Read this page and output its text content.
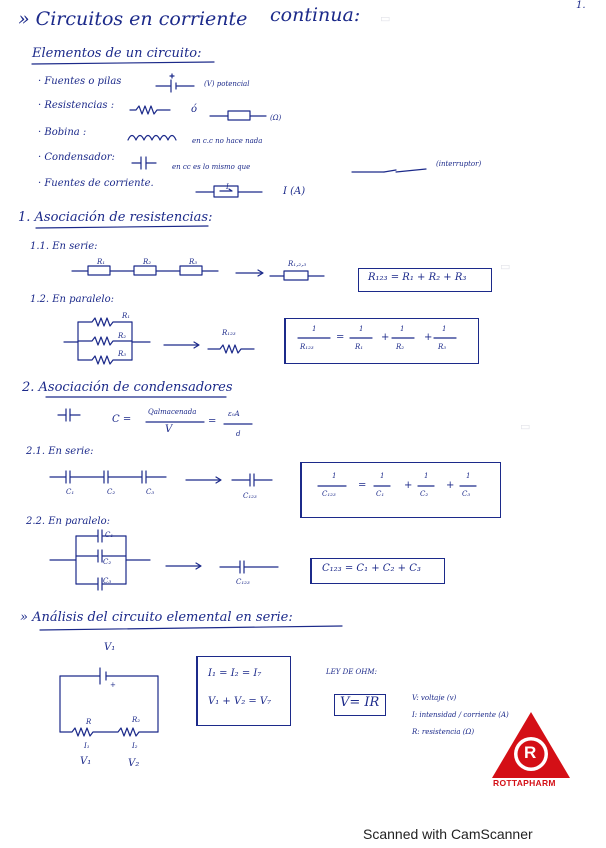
▭
▭
▭
» Circuitos en corriente continua:	1.
Elementos de un circuito:
· Fuentes o pilas	(V) potencial
· Resistencias :	ó
(Ω)
· Bobina :
en c.c no hace nada
· Condensador:
en cc es lo mismo que	(interruptor)
· Fuentes de corriente.	I	I (A)
1. Asociación de resistencias:
1.1. En serie:
R₁	R₂	R₃	R₁,₂,₃
R₁₂₃ = R₁ + R₂ + R₃
1.2. En paralelo:
R₁
R₂
R₃
R₁₂₃	1
R₁₂₃
=
1
R₁
+
1
R₂
+
1
R₃
2. Asociación de condensadores
C =
Qalmacenada
V
=
ε₀A
d
2.1. En serie:
C₁	C₂	C₃	C₁₂₃
1
C₁₂₃
=
1
C₁
+
1
C₂
+
1
C₃
2.2. En paralelo:
C₁
C₂
C₃	C₁₂₃
C₁₂₃ = C₁ + C₂ + C₃
» Análisis del circuito elemental en serie:
V₁
+
R	R₂
I₁	I₂
V₁	V₂
I₁ = I₂ = I₇
V₁ + V₂ = V₇
LEY DE OHM:
V= IR	V: voltaje (v)
I: intensidad / corriente (A)
R: resistencia (Ω)
R
ROTTAPHARM
Scanned with CamScanner
